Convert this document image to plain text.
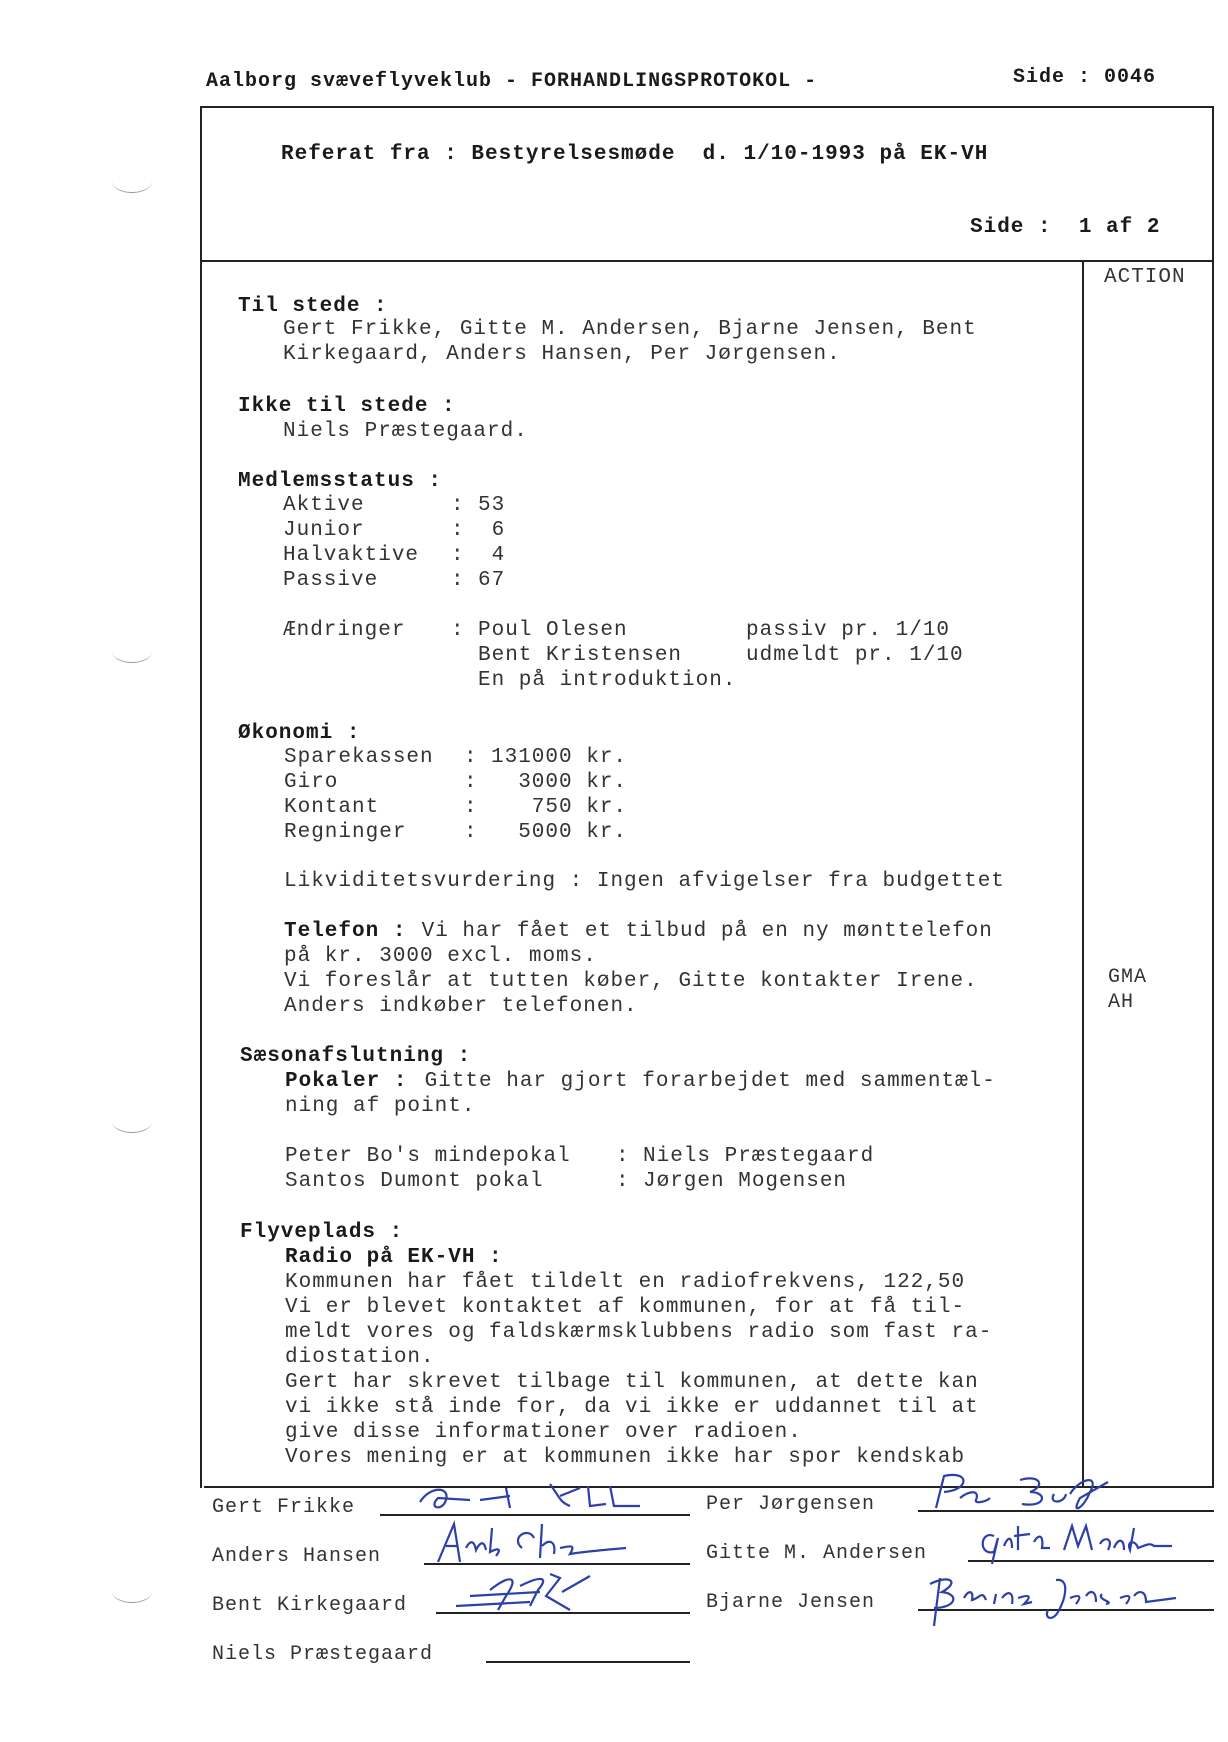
Aalborg svæveflyveklub - FORHANDLINGSPROTOKOL -	Side : 0046
Referat fra : Bestyrelsesmøde  d. 1/10-1993 på EK-VH
Side :  1 af 2
ACTION
GMA
AH
Til stede :
Gert Frikke, Gitte M. Andersen, Bjarne Jensen, Bent
Kirkegaard, Anders Hansen, Per Jørgensen.
Ikke til stede :
Niels Præstegaard.
Medlemsstatus :
Aktive	: 53
Junior	: 6
Halvaktive : 4
Passive	: 67
Ændringer : Poul Olesen	passiv pr. 1/10
Bent Kristensen	udmeldt pr. 1/10
En på introduktion.
Økonomi :
Sparekassen : 131000 kr.
Giro	: 3000 kr.
Kontant	: 750 kr.
Regninger	: 5000 kr.
Likviditetsvurdering : Ingen afvigelser fra budgettet
Telefon : Vi har fået et tilbud på en ny mønttelefon
på kr. 3000 excl. moms.
Vi foreslår at tutten køber, Gitte kontakter Irene.
Anders indkøber telefonen.
Sæsonafslutning :
Pokaler : Gitte har gjort forarbejdet med sammentæl-
ning af point.
Peter Bo's mindepokal : Niels Præstegaard
Santos Dumont pokal	: Jørgen Mogensen
Flyveplads :
Radio på EK-VH :
Kommunen har fået tildelt en radiofrekvens, 122,50
Vi er blevet kontaktet af kommunen, for at få til-
meldt vores og faldskærmsklubbens radio som fast ra-
diostation.
Gert har skrevet tilbage til kommunen, at dette kan
vi ikke stå inde for, da vi ikke er uddannet til at
give disse informationer over radioen.
Vores mening er at kommunen ikke har spor kendskab
Gert Frikke	Per Jørgensen
Anders Hansen	Gitte M. Andersen
Bent Kirkegaard	Bjarne Jensen
Niels Præstegaard
